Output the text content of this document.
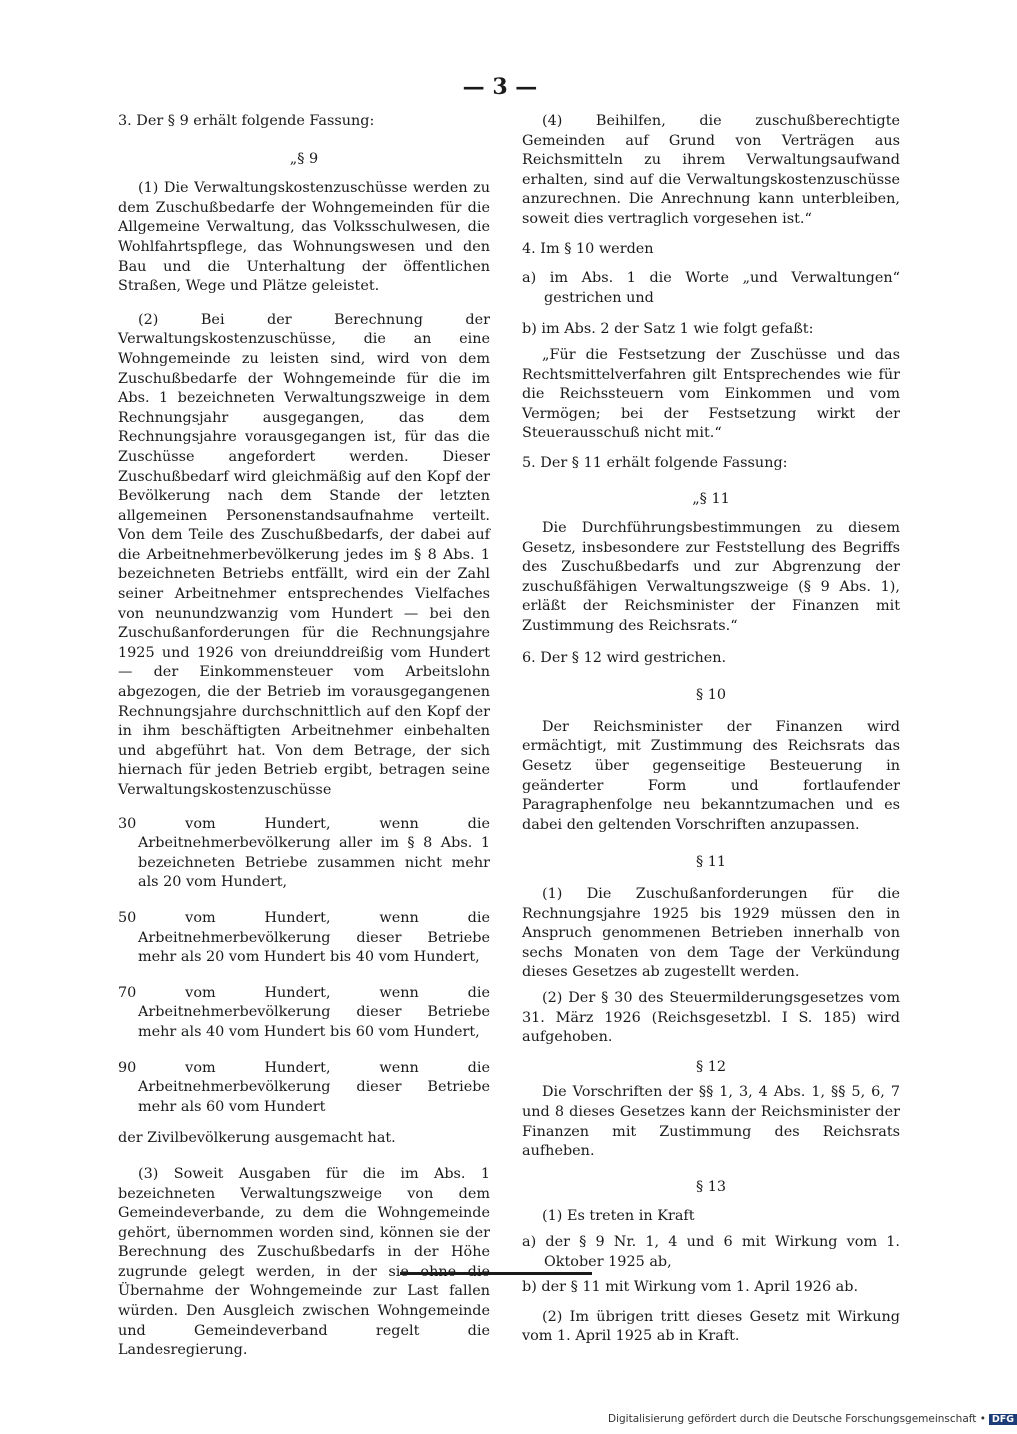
— 3 —

3. Der § 9 erhält folgende Fassung:

„§ 9

(1) Die Verwaltungskostenzuschüsse werden zu dem Zuschußbedarfe der Wohngemeinden für die Allgemeine Verwaltung, das Volksschulwesen, die Wohlfahrtspflege, das Wohnungswesen und den Bau und die Unterhaltung der öffentlichen Straßen, Wege und Plätze geleistet.

(2) Bei der Berechnung der Verwaltungskostenzuschüsse, die an eine Wohngemeinde zu leisten sind, wird von dem Zuschußbedarfe der Wohngemeinde für die im Abs. 1 bezeichneten Verwaltungszweige in dem Rechnungsjahr ausgegangen, das dem Rechnungsjahre vorausgegangen ist, für das die Zuschüsse angefordert werden. Dieser Zuschußbedarf wird gleichmäßig auf den Kopf der Bevölkerung nach dem Stande der letzten allgemeinen Personenstandsaufnahme verteilt. Von dem Teile des Zuschußbedarfs, der dabei auf die Arbeitnehmerbevölkerung jedes im § 8 Abs. 1 bezeichneten Betriebs entfällt, wird ein der Zahl seiner Arbeitnehmer entsprechendes Vielfaches von neunundzwanzig vom Hundert — bei den Zuschußanforderungen für die Rechnungsjahre 1925 und 1926 von dreiunddreißig vom Hundert — der Einkommensteuer vom Arbeitslohn abgezogen, die der Betrieb im vorausgegangenen Rechnungsjahre durchschnittlich auf den Kopf der in ihm beschäftigten Arbeitnehmer einbehalten und abgeführt hat. Von dem Betrage, der sich hiernach für jeden Betrieb ergibt, betragen seine Verwaltungskostenzuschüsse

30 vom Hundert, wenn die Arbeitnehmerbevölkerung aller im § 8 Abs. 1 bezeichneten Betriebe zusammen nicht mehr als 20 vom Hundert,

50 vom Hundert, wenn die Arbeitnehmerbevölkerung dieser Betriebe mehr als 20 vom Hundert bis 40 vom Hundert,

70 vom Hundert, wenn die Arbeitnehmerbevölkerung dieser Betriebe mehr als 40 vom Hundert bis 60 vom Hundert,

90 vom Hundert, wenn die Arbeitnehmerbevölkerung dieser Betriebe mehr als 60 vom Hundert

der Zivilbevölkerung ausgemacht hat.

(3) Soweit Ausgaben für die im Abs. 1 bezeichneten Verwaltungszweige von dem Gemeindeverbande, zu dem die Wohngemeinde gehört, übernommen worden sind, können sie der Berechnung des Zuschußbedarfs in der Höhe zugrunde gelegt werden, in der sie ohne die Übernahme der Wohngemeinde zur Last fallen würden. Den Ausgleich zwischen Wohngemeinde und Gemeindeverband regelt die Landesregierung.

(4) Beihilfen, die zuschußberechtigte Gemeinden auf Grund von Verträgen aus Reichsmitteln zu ihrem Verwaltungsaufwand erhalten, sind auf die Verwaltungskostenzuschüsse anzurechnen. Die Anrechnung kann unterbleiben, soweit dies vertraglich vorgesehen ist.“

4. Im § 10 werden

a) im Abs. 1 die Worte „und Verwaltungen“ gestrichen und

b) im Abs. 2 der Satz 1 wie folgt gefaßt:

„Für die Festsetzung der Zuschüsse und das Rechtsmittelverfahren gilt Entsprechendes wie für die Reichssteuern vom Einkommen und vom Vermögen; bei der Festsetzung wirkt der Steuerausschuß nicht mit.“

5. Der § 11 erhält folgende Fassung:

„§ 11

Die Durchführungsbestimmungen zu diesem Gesetz, insbesondere zur Feststellung des Begriffs des Zuschußbedarfs und zur Abgrenzung der zuschußfähigen Verwaltungszweige (§ 9 Abs. 1), erläßt der Reichsminister der Finanzen mit Zustimmung des Reichsrats.“

6. Der § 12 wird gestrichen.

§ 10

Der Reichsminister der Finanzen wird ermächtigt, mit Zustimmung des Reichsrats das Gesetz über gegenseitige Besteuerung in geänderter Form und fortlaufender Paragraphenfolge neu bekanntzumachen und es dabei den geltenden Vorschriften anzupassen.

§ 11

(1) Die Zuschußanforderungen für die Rechnungsjahre 1925 bis 1929 müssen den in Anspruch genommenen Betrieben innerhalb von sechs Monaten von dem Tage der Verkündung dieses Gesetzes ab zugestellt werden.

(2) Der § 30 des Steuermilderungsgesetzes vom 31. März 1926 (Reichsgesetzbl. I S. 185) wird aufgehoben.

§ 12

Die Vorschriften der §§ 1, 3, 4 Abs. 1, §§ 5, 6, 7 und 8 dieses Gesetzes kann der Reichsminister der Finanzen mit Zustimmung des Reichsrats aufheben.

§ 13

(1) Es treten in Kraft

a) der § 9 Nr. 1, 4 und 6 mit Wirkung vom 1. Oktober 1925 ab,

b) der § 11 mit Wirkung vom 1. April 1926 ab.

(2) Im übrigen tritt dieses Gesetz mit Wirkung vom 1. April 1925 ab in Kraft.

Digitalisierung gefördert durch die Deutsche Forschungsgemeinschaft • DFG
